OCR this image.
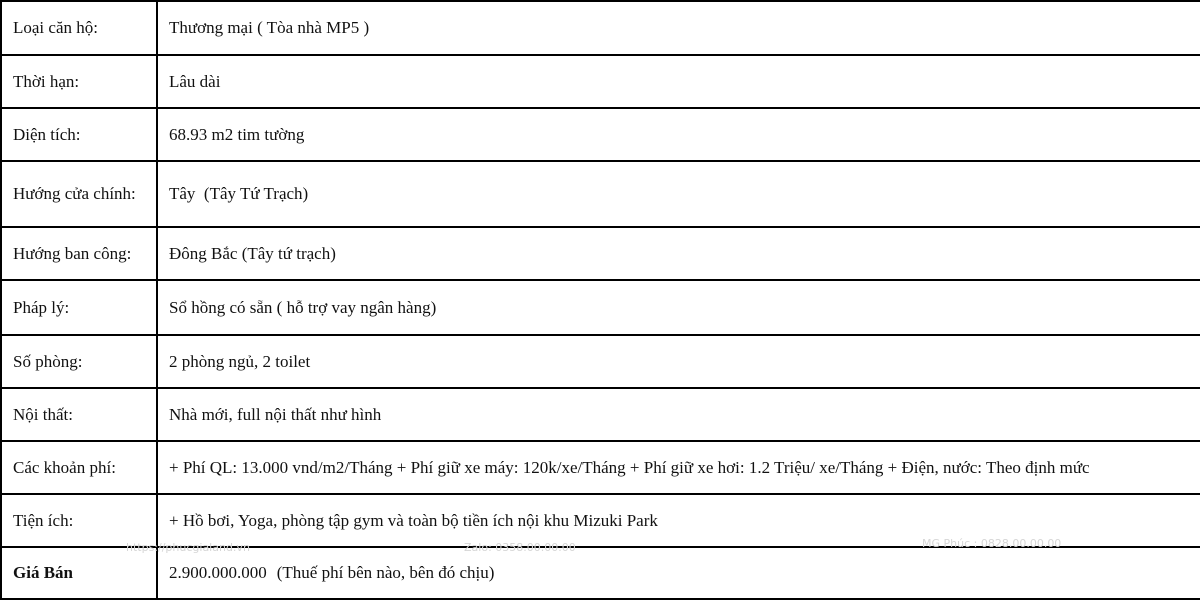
Loại căn hộ:	Thương mại ( Tòa nhà MP5 )
Thời hạn:	Lâu dài
Diện tích:	68.93 m2 tim tường
Hướng cửa chính:	Tây  (Tây Tứ Trạch)
Hướng ban công:	Đông Bắc (Tây tứ trạch)
Pháp lý:	Sổ hồng có sẵn ( hỗ trợ vay ngân hàng)
Số phòng:	2 phòng ngủ, 2 toilet
Nội thất:	Nhà mới, full nội thất như hình
Các khoản phí:	+ Phí QL: 13.000 vnd/m2/Tháng + Phí giữ xe máy: 120k/xe/Tháng + Phí giữ xe hơi: 1.2 Triệu/ xe/Tháng + Điện, nước: Theo định mức
Tiện ích:	+ Hồ bơi, Yoga, phòng tập gym và toàn bộ tiền ích nội khu Mizuki Park
Giá Bán	2.900.000.000 (Thuế phí bên nào, bên đó chịu)
https://phucgialand.vn	Zalo: 0358.00.00.00	MG Phúc : 0828.00.00.00
